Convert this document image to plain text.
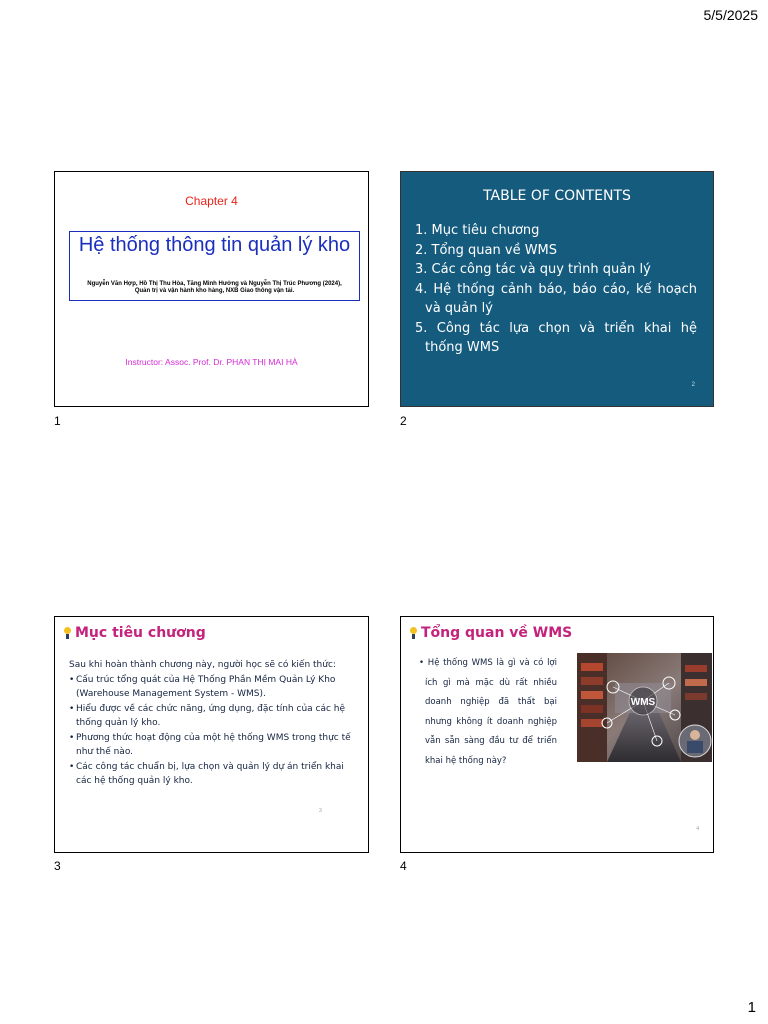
5/5/2025
Chapter 4
Hệ thống thông tin quản lý kho
Nguyễn Văn Hợp, Hồ Thị Thu Hòa, Tăng Minh Hưởng và Nguyễn Thị Trúc Phương (2024),
Quản trị và vận hành kho hàng, NXB Giao thông vận tải.
Instructor: Assoc. Prof. Dr. PHAN THỊ MAI HÀ
1
TABLE OF CONTENTS
1. Mục tiêu chương
2. Tổng quan về WMS
3. Các công tác và quy trình quản lý
4. Hệ thống cảnh báo, báo cáo, kế hoạch và quản lý
5. Công tác lựa chọn và triển khai hệ thống WMS
2
2
Mục tiêu chương
Sau khi hoàn thành chương này, người học sẽ có kiến thức:
• Cấu trúc tổng quát của Hệ Thống Phần Mềm Quản Lý Kho (Warehouse Management System - WMS).
• Hiểu được về các chức năng, ứng dụng, đặc tính của các hệ thống quản lý kho.
• Phương thức hoạt động của một hệ thống WMS trong thực tế như thế nào.
• Các công tác chuẩn bị, lựa chọn và quản lý dự án triển khai các hệ thống quản lý kho.
3
3
Tổng quan về WMS
• Hệ thống WMS là gì và có lợi ích gì mà mặc dù rất nhiều doanh nghiệp đã thất bại nhưng không ít doanh nghiệp vẫn sẵn sàng đầu tư để triển khai hệ thống này?
WMS
4
4
1
